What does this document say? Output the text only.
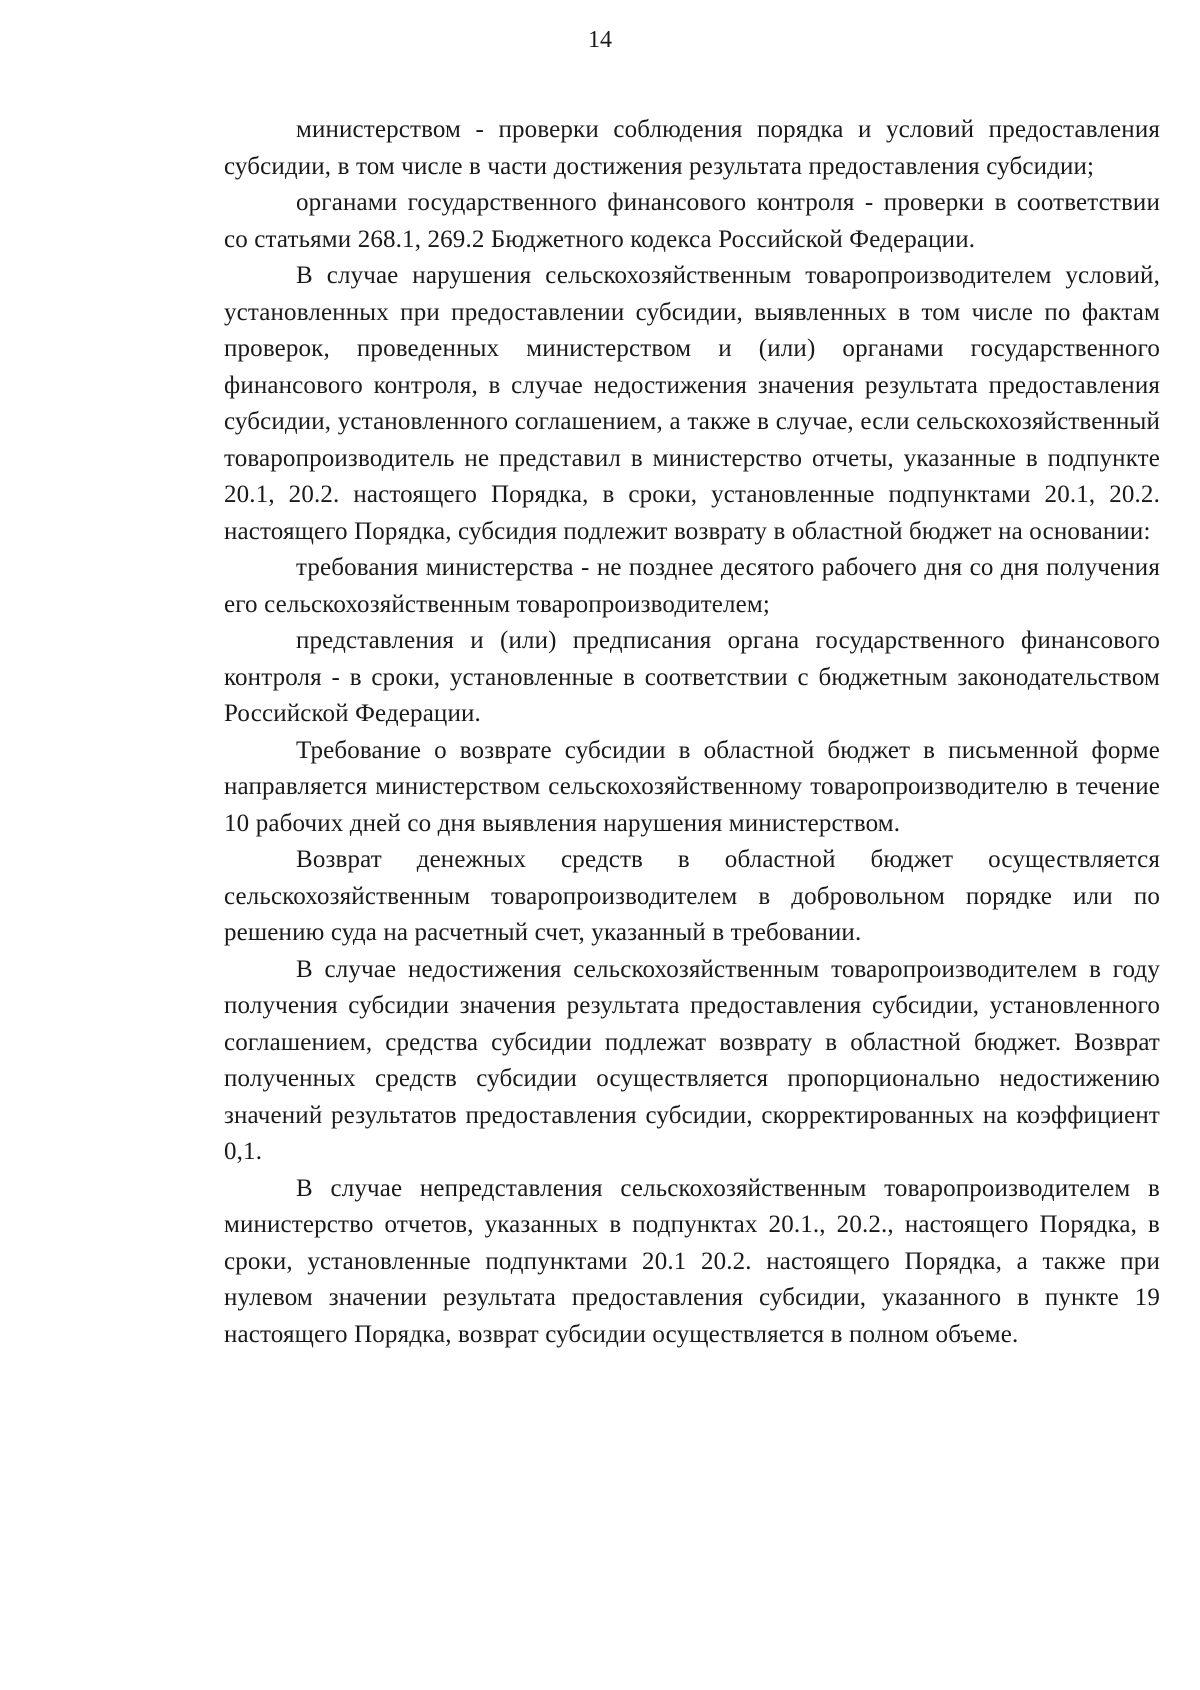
14

министерством - проверки соблюдения порядка и условий предоставления субсидии, в том числе в части достижения результата предоставления субсидии;

органами государственного финансового контроля - проверки в соответствии со статьями 268.1, 269.2 Бюджетного кодекса Российской Федерации.

В случае нарушения сельскохозяйственным товаропроизводителем условий, установленных при предоставлении субсидии, выявленных в том числе по фактам проверок, проведенных министерством и (или) органами государственного финансового контроля, в случае недостижения значения результата предоставления субсидии, установленного соглашением, а также в случае, если сельскохозяйственный товаропроизводитель не представил в министерство отчеты, указанные в подпункте 20.1, 20.2. настоящего Порядка, в сроки, установленные подпунктами 20.1, 20.2. настоящего Порядка, субсидия подлежит возврату в областной бюджет на основании:

требования министерства - не позднее десятого рабочего дня со дня получения его сельскохозяйственным товаропроизводителем;

представления и (или) предписания органа государственного финансового контроля - в сроки, установленные в соответствии с бюджетным законодательством Российской Федерации.

Требование о возврате субсидии в областной бюджет в письменной форме направляется министерством сельскохозяйственному товаропроизводителю в течение 10 рабочих дней со дня выявления нарушения министерством.

Возврат денежных средств в областной бюджет осуществляется сельскохозяйственным товаропроизводителем в добровольном порядке или по решению суда на расчетный счет, указанный в требовании.

В случае недостижения сельскохозяйственным товаропроизводителем в году получения субсидии значения результата предоставления субсидии, установленного соглашением, средства субсидии подлежат возврату в областной бюджет. Возврат полученных средств субсидии осуществляется пропорционально недостижению значений результатов предоставления субсидии, скорректированных на коэффициент 0,1.

В случае непредставления сельскохозяйственным товаропроизводителем в министерство отчетов, указанных в подпунктах 20.1., 20.2., настоящего Порядка, в сроки, установленные подпунктами 20.1 20.2. настоящего Порядка, а также при нулевом значении результата предоставления субсидии, указанного в пункте 19 настоящего Порядка, возврат субсидии осуществляется в полном объеме.
